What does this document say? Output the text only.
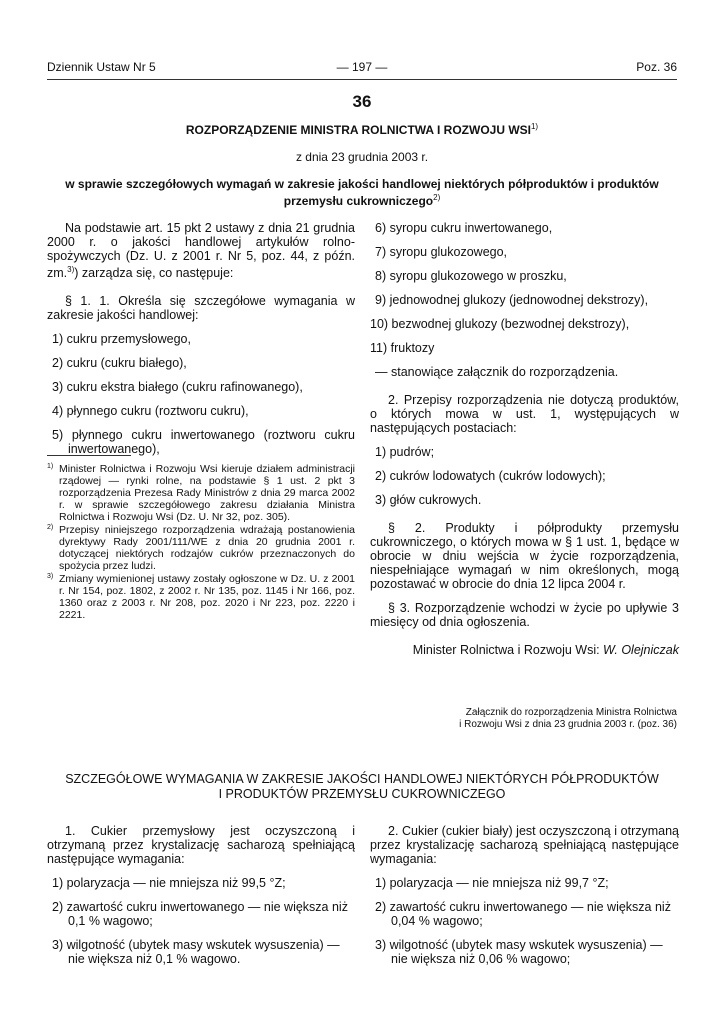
Dziennik Ustaw Nr 5	— 197 —	Poz. 36
36
ROZPORZĄDZENIE MINISTRA ROLNICTWA I ROZWOJU WSI$^{1)}$
z dnia 23 grudnia 2003 r.
w sprawie szczegółowych wymagań w zakresie jakości handlowej niektórych półproduktów i produktów
przemysłu cukrowniczego$^{2)}$

Na podstawie art. 15 pkt 2 ustawy z dnia 21 grudnia 2000 r. o jakości handlowej artykułów rolno-spożywczych (Dz. U. z 2001 r. Nr 5, poz. 44, z późn. zm.$^{3)}$) zarządza się, co następuje:

§ 1. 1. Określa się szczegółowe wymagania w zakresie jakości handlowej:

1) cukru przemysłowego,

2) cukru (cukru białego),

3) cukru ekstra białego (cukru rafinowanego),

4) płynnego cukru (roztworu cukru),

5) płynnego cukru inwertowanego (roztworu cukru inwertowanego),

1) Minister Rolnictwa i Rozwoju Wsi kieruje działem administracji rządowej — rynki rolne, na podstawie § 1 ust. 2 pkt 3 rozporządzenia Prezesa Rady Ministrów z dnia 29 marca 2002 r. w sprawie szczegółowego zakresu działania Ministra Rolnictwa i Rozwoju Wsi (Dz. U. Nr 32, poz. 305).

2) Przepisy niniejszego rozporządzenia wdrażają postanowienia dyrektywy Rady 2001/111/WE z dnia 20 grudnia 2001 r. dotyczącej niektórych rodzajów cukrów przeznaczonych do spożycia przez ludzi.

3) Zmiany wymienionej ustawy zostały ogłoszone w Dz. U. z 2001 r. Nr 154, poz. 1802, z 2002 r. Nr 135, poz. 1145 i Nr 166, poz. 1360 oraz z 2003 r. Nr 208, poz. 2020 i Nr 223, poz. 2220 i 2221.

6) syropu cukru inwertowanego,

7) syropu glukozowego,

8) syropu glukozowego w proszku,

9) jednowodnej glukozy (jednowodnej dekstrozy),

10) bezwodnej glukozy (bezwodnej dekstrozy),

11) fruktozy

— stanowiące załącznik do rozporządzenia.

2. Przepisy rozporządzenia nie dotyczą produktów, o których mowa w ust. 1, występujących w następujących postaciach:

1) pudrów;

2) cukrów lodowatych (cukrów lodowych);

3) głów cukrowych.

§ 2. Produkty i półprodukty przemysłu cukrowniczego, o których mowa w § 1 ust. 1, będące w obrocie w dniu wejścia w życie rozporządzenia, niespełniające wymagań w nim określonych, mogą pozostawać w obrocie do dnia 12 lipca 2004 r.

§ 3. Rozporządzenie wchodzi w życie po upływie 3 miesięcy od dnia ogłoszenia.

Minister Rolnictwa i Rozwoju Wsi: W. Olejniczak

Załącznik do rozporządzenia Ministra Rolnictwa
i Rozwoju Wsi z dnia 23 grudnia 2003 r. (poz. 36)
SZCZEGÓŁOWE WYMAGANIA W ZAKRESIE JAKOŚCI HANDLOWEJ NIEKTÓRYCH PÓŁPRODUKTÓW
I PRODUKTÓW PRZEMYSŁU CUKROWNICZEGO

1. Cukier przemysłowy jest oczyszczoną i otrzymaną przez krystalizację sacharozą spełniającą następujące wymagania:

1) polaryzacja — nie mniejsza niż 99,5 °Z;

2) zawartość cukru inwertowanego — nie większa niż 0,1 % wagowo;

3) wilgotność (ubytek masy wskutek wysuszenia) — nie większa niż 0,1 % wagowo.

2. Cukier (cukier biały) jest oczyszczoną i otrzymaną przez krystalizację sacharozą spełniającą następujące wymagania:

1) polaryzacja — nie mniejsza niż 99,7 °Z;

2) zawartość cukru inwertowanego — nie większa niż 0,04 % wagowo;

3) wilgotność (ubytek masy wskutek wysuszenia) — nie większa niż 0,06 % wagowo;
